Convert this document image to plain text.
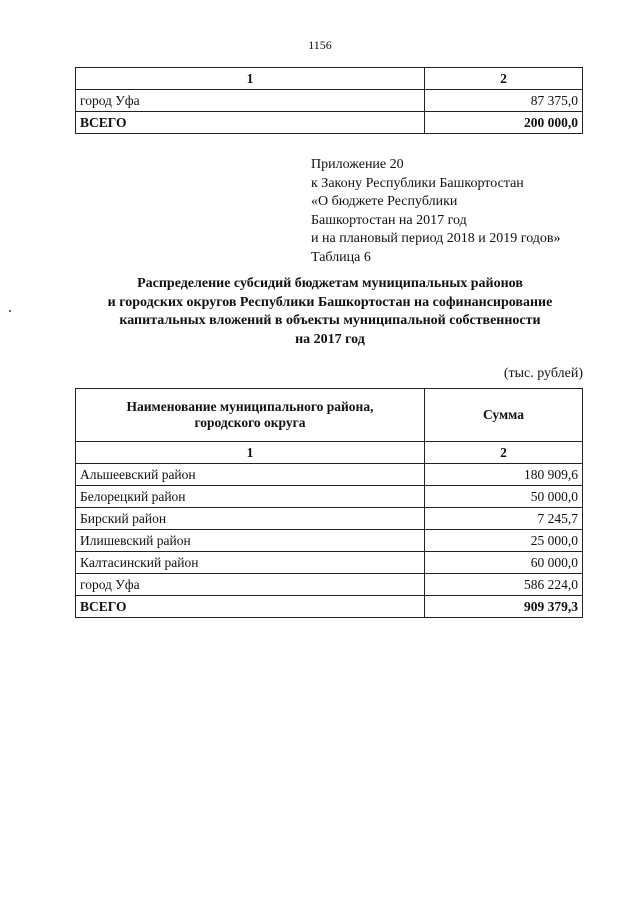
1156
1	2
город Уфа	87 375,0
ВСЕГО	200 000,0
Приложение 20
к Закону Республики Башкортостан
«О бюджете Республики
Башкортостан на 2017 год
и на плановый период 2018 и 2019 годов»
Таблица 6
Распределение субсидий бюджетам муниципальных районов
и городских округов Республики Башкортостан на софинансирование
капитальных вложений в объекты муниципальной собственности
на 2017 год
(тыс. рублей)
Наименование муниципального района,
городского округа	Сумма
1	2
Альшеевский район	180 909,6
Белорецкий район	50 000,0
Бирский район	7 245,7
Илишевский район	25 000,0
Калтасинский район	60 000,0
город Уфа	586 224,0
ВСЕГО	909 379,3
